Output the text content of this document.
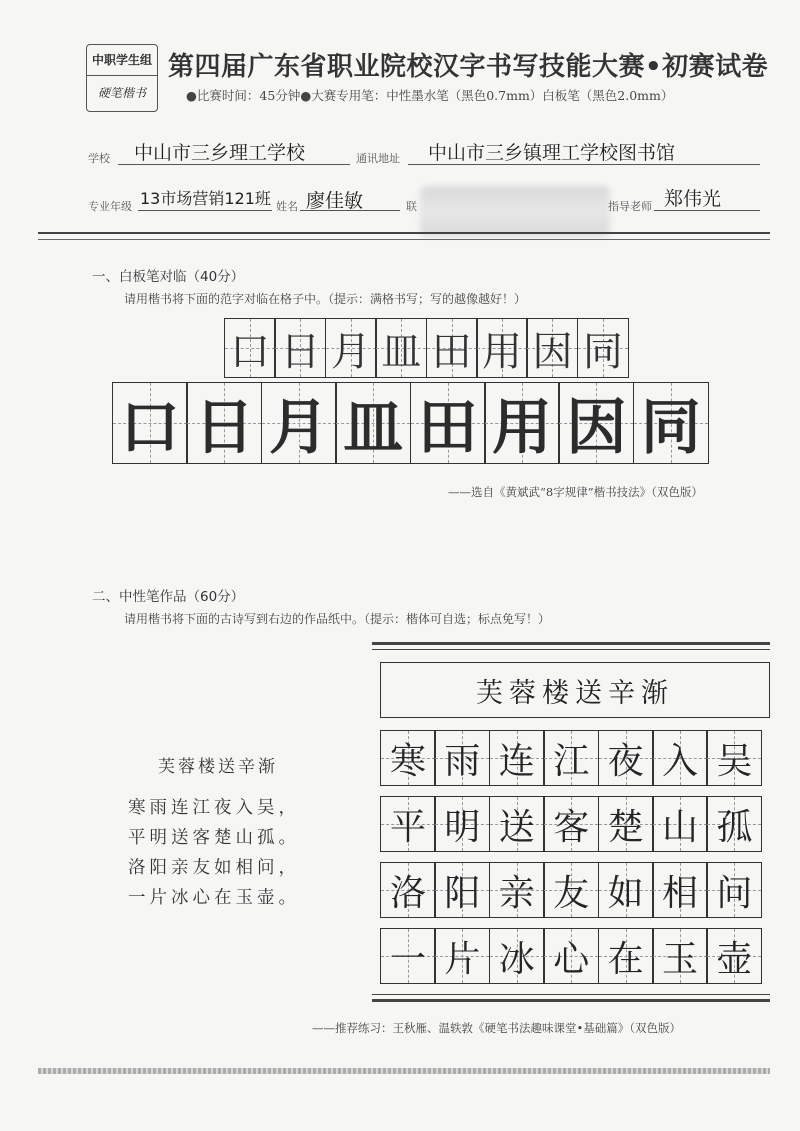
中职学生组
硬笔楷书
第四届广东省职业院校汉字书写技能大赛•初赛试卷
●比赛时间：45分钟●大赛专用笔：中性墨水笔（黑色0.7mm）白板笔（黑色2.0mm）
学校 中山市三乡理工学校	通讯地址 中山市三乡镇理工学校图书馆
专业年级 13市场营销121班 姓名 廖佳敏	联	指导老师 郑伟光
一、白板笔对临（40分）
请用楷书将下面的范字对临在格子中。（提示：满格书写；写的越像越好！）
口 日 月 皿 田 用 因 同
口 日 月 皿 田 用 因 同
——选自《黄斌武“8字规律”楷书技法》（双色版）
二、中性笔作品（60分）
请用楷书将下面的古诗写到右边的作品纸中。（提示：楷体可自选；标点免写！）
芙蓉楼送辛渐
寒雨连江夜入吴，
平明送客楚山孤。
洛阳亲友如相问，
一片冰心在玉壶。
芙蓉楼送辛渐
寒 雨 连 江 夜 入 吴
平 明 送 客 楚 山 孤
洛 阳 亲 友 如 相 问
一 片 冰 心 在 玉 壶
——推荐练习：王秋雁、温轶敦《硬笔书法趣味课堂•基础篇》（双色版）
